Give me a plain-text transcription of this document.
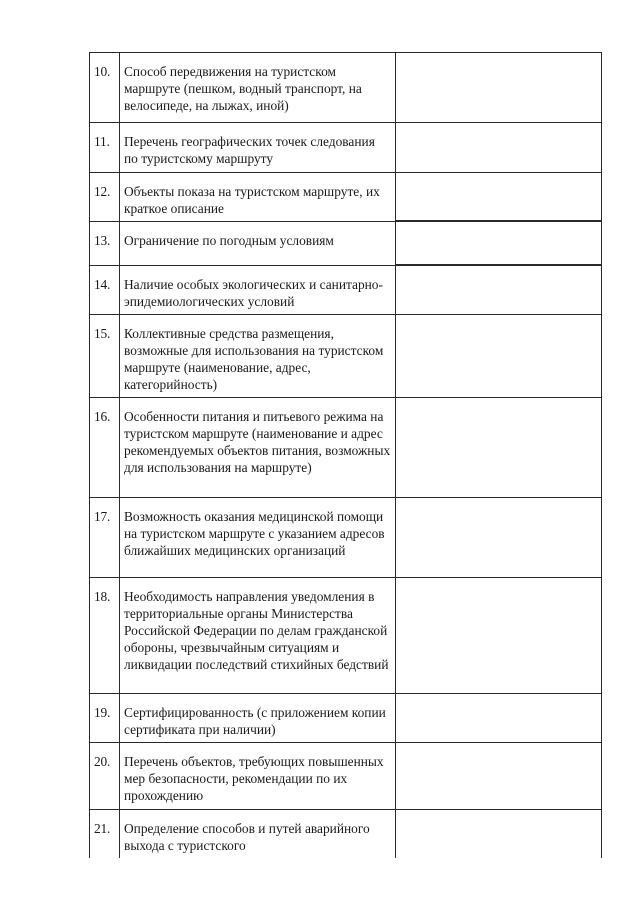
10.	Способ передвижения на туристском маршруте (пешком, водный транспорт, на велосипеде, на лыжах, иной)	
11.	Перечень географических точек следования по туристскому маршруту	
12.	Объекты показа на туристском маршруте, их краткое описание	

13.	Ограничение по погодным условиям	

14.	Наличие особых экологических и санитарно-эпидемиологических условий	
15.	Коллективные средства размещения, возможные для использования на туристском маршруте (наименование, адрес, категорийность)	
16.	Особенности питания и питьевого режима на туристском маршруте (наименование и адрес рекомендуемых объектов питания, возможных для использования на маршруте)	
17.	Возможность оказания медицинской помощи на туристском маршруте с указанием адресов ближайших медицинских организаций	
18.	Необходимость направления уведомления в территориальные органы Министерства Российской Федерации по делам гражданской обороны, чрезвычайным ситуациям и ликвидации последствий стихийных бедствий	
19.	Сертифицированность (с приложением копии сертификата при наличии)	
20.	Перечень объектов, требующих повышенных мер безопасности, рекомендации по их прохождению	
21.	Определение способов и путей аварийного выхода с туристского	
